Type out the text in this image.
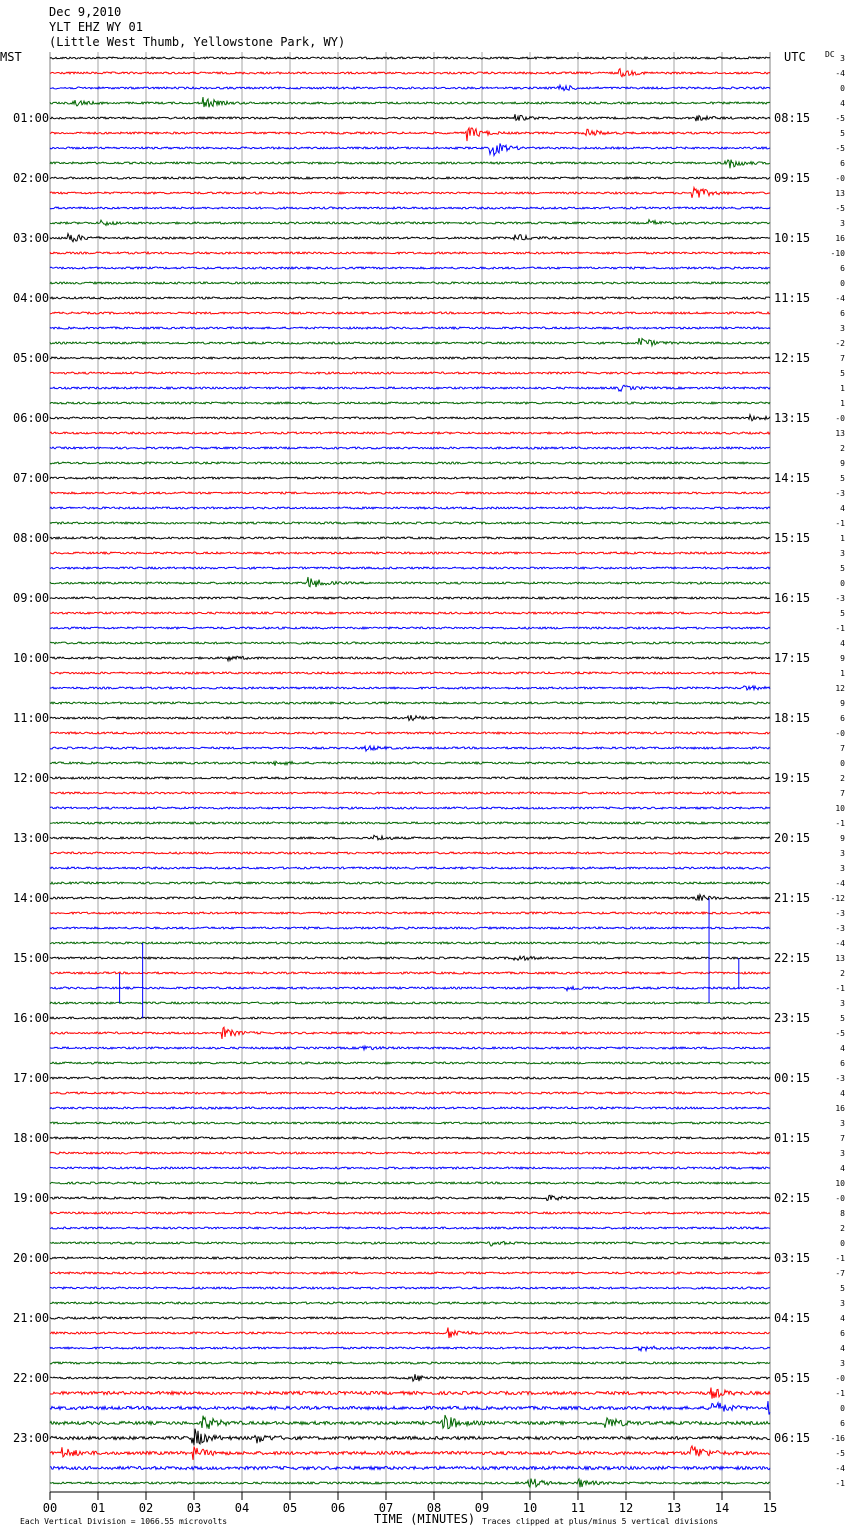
Dec 9,2010
YLT EHZ WY 01
(Little West Thumb, Yellowstone Park, WY)
MST	UTC DC
01:00
02:00
03:00
04:00
05:00
06:00
07:00
08:00
09:00
10:00
11:00
12:00
13:00
14:00
15:00
16:00
17:00
18:00
19:00
20:00
21:00
22:00
23:00
08:15
09:15
10:15
11:15
12:15
13:15
14:15
15:15
16:15
17:15
18:15
19:15
20:15
21:15
22:15
23:15
00:15
01:15
02:15
03:15
04:15
05:15
06:15
3
-4
0
4
-5
5
-5
6
-0
13
-5
3
16
-10
6
0
-4
6
3
-2
7
5
1
1
-0
13
2
9
5
-3
4
-1
1
3
5
0
-3
5
-1
4
9
1
12
9
6
-0
7
0
2
7
10
-1
9
3
3
-4
-12
-3
-3
-4
13
2
-1
3
5
-5
4
6
-3
4
16
3
7
3
4
10
-0
8
2
0
-1
-7
5
3
4
6
4
3
-0
-1
0
6
-16
-5
-4
-1
00	01	02	03	04	05	06	07	08	09	10	11	12	13	14	15
TIME (MINUTES)
Each Vertical Division = 1066.55 microvolts	Traces clipped at plus/minus 5 vertical divisions
